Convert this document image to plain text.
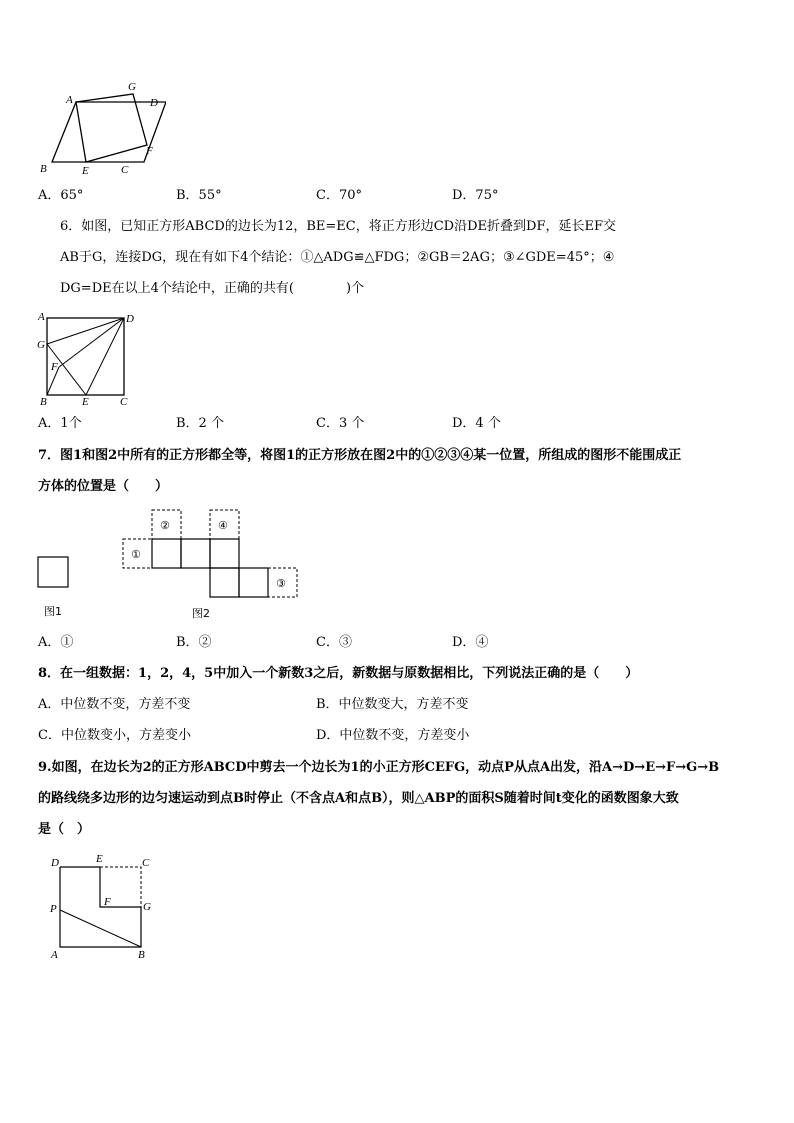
A
G
D
F
B	E	C
A．65°	B．55°	C．70°	D．75°
6．如图，已知正方形ABCD的边长为12，BE=EC，将正方形边CD沿DE折叠到DF，延长EF交
AB于G，连接DG，现在有如下4个结论：①△ADG≌△FDG；②GB＝2AG；③∠GDE=45°；④
DG=DE在以上4个结论中，正确的共有(　　　　)个
A	D
G
F
B	E	C
A．1个	B．2 个	C．3 个	D．4 个
7．图1和图2中所有的正方形都全等，将图1的正方形放在图2中的①②③④某一位置，所组成的图形不能围成正
方体的位置是（　　）
图1
①
②	④
③
图2
A．①	B．②	C．③	D．④
8．在一组数据：1，2，4，5中加入一个新数3之后，新数据与原数据相比，下列说法正确的是（　　）
A．中位数不变，方差不变	B．中位数变大，方差不变
C．中位数变小，方差变小	D．中位数不变，方差变小
9.如图，在边长为2的正方形ABCD中剪去一个边长为1的小正方形CEFG，动点P从点A出发，沿A→D→E→F→G→B
的路线绕多边形的边匀速运动到点B时停止（不含点A和点B），则△ABP的面积S随着时间t变化的函数图象大致
是（　）
D	E	C
P
F	G
A	B
